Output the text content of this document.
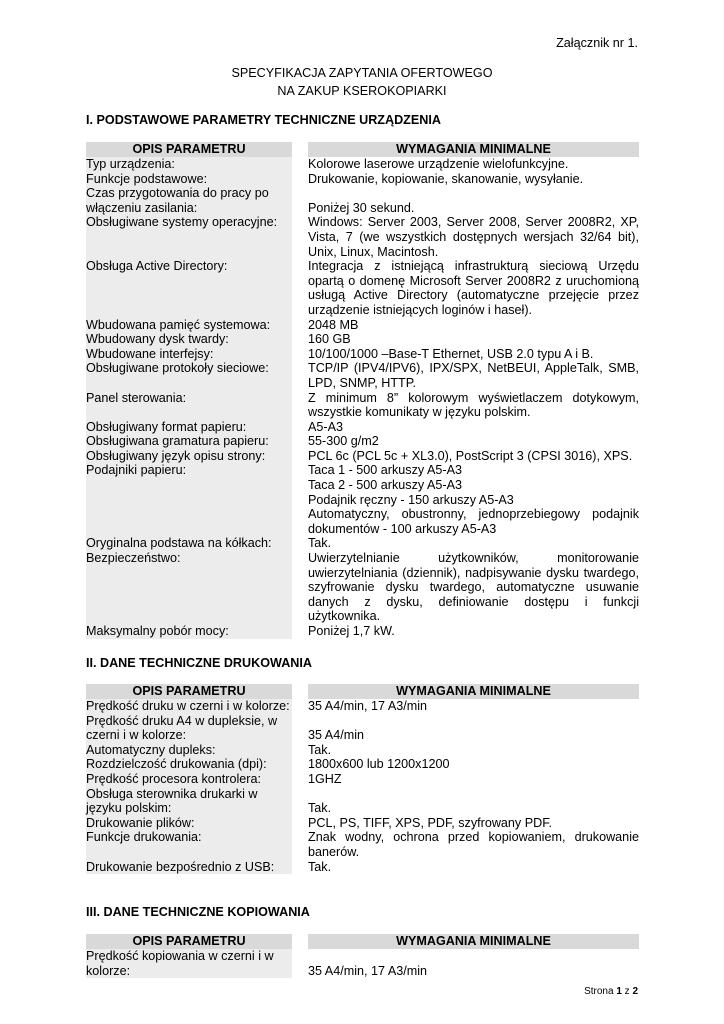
Załącznik nr 1.
SPECYFIKACJA ZAPYTANIA OFERTOWEGO
NA ZAKUP KSEROKOPIARKI
I. PODSTAWOWE PARAMETRY TECHNICZNE URZĄDZENIA
OPIS PARAMETRU		WYMAGANIA MINIMALNE
Typ urządzenia:		Kolorowe laserowe urządzenie wielofunkcyjne.

Funkcje podstawowe:		Drukowanie, kopiowanie, skanowanie, wysyłanie.

Czas przygotowania do pracy po włączeniu zasilania:		Poniżej 30 sekund.

Obsługiwane systemy operacyjne:		Windows: Server 2003, Server 2008, Server 2008R2, XP, Vista, 7 (we wszystkich dostępnych wersjach 32/64 bit), Unix, Linux, Macintosh.

Obsługa Active Directory:		Integracja z istniejącą infrastrukturą sieciową Urzędu opartą o domenę Microsoft Server 2008R2 z uruchomioną usługą Active Directory (automatyczne przejęcie przez urządzenie istniejących loginów i haseł).

Wbudowana pamięć systemowa:		2048 MB

Wbudowany dysk twardy:		160 GB

Wbudowane interfejsy:		10/100/1000 –Base-T Ethernet, USB 2.0 typu A i B.

Obsługiwane protokoły sieciowe:		TCP/IP (IPV4/IPV6), IPX/SPX, NetBEUI, AppleTalk, SMB, LPD, SNMP, HTTP.

Panel sterowania:		Z minimum 8” kolorowym wyświetlaczem dotykowym, wszystkie komunikaty w języku polskim.

Obsługiwany format papieru:		A5-A3

Obsługiwana gramatura papieru:		55-300 g/m2

Obsługiwany język opisu strony:		PCL 6c (PCL 5c + XL3.0), PostScript 3 (CPSI 3016), XPS.

Podajniki papieru:		Taca 1 - 500 arkuszy A5-A3
Taca 2 - 500 arkuszy A5-A3
Podajnik ręczny - 150 arkuszy A5-A3
Automatyczny, obustronny, jednoprzebiegowy podajnik dokumentów - 100 arkuszy A5-A3

Oryginalna podstawa na kółkach:		Tak.

Bezpieczeństwo:		Uwierzytelnianie użytkowników, monitorowanie uwierzytelniania (dziennik), nadpisywanie dysku twardego, szyfrowanie dysku twardego, automatyczne usuwanie danych z dysku, definiowanie dostępu i funkcji użytkownika.

Maksymalny pobór mocy:		Poniżej 1,7 kW.
II. DANE TECHNICZNE DRUKOWANIA
OPIS PARAMETRU		WYMAGANIA MINIMALNE
Prędkość druku w czerni i w kolorze:		35 A4/min, 17 A3/min

Prędkość druku A4 w dupleksie, w czerni i w kolorze:		35 A4/min

Automatyczny dupleks:		Tak.

Rozdzielczość drukowania (dpi):		1800x600 lub 1200x1200

Prędkość procesora kontrolera:		1GHZ

Obsługa sterownika drukarki w języku polskim:		Tak.

Drukowanie plików:		PCL, PS, TIFF, XPS, PDF, szyfrowany PDF.

Funkcje drukowania:		Znak wodny, ochrona przed kopiowaniem, drukowanie banerów.

Drukowanie bezpośrednio z USB:		Tak.
III. DANE TECHNICZNE KOPIOWANIA
OPIS PARAMETRU		WYMAGANIA MINIMALNE
Prędkość kopiowania w czerni i w kolorze:		35 A4/min, 17 A3/min
Strona 1 z 2
